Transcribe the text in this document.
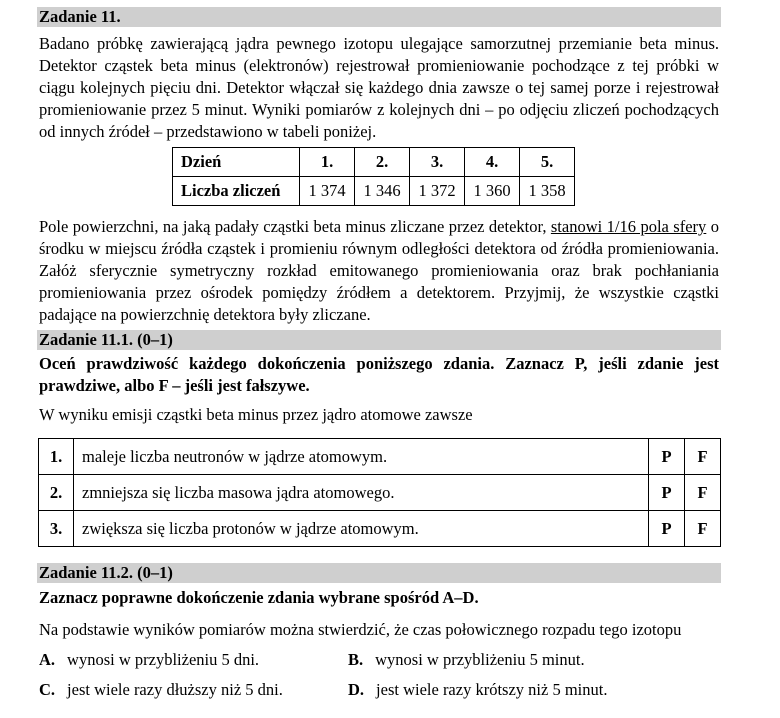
Zadanie 11.
Badano próbkę zawierającą jądra pewnego izotopu ulegające samorzutnej przemianie beta minus. Detektor cząstek beta minus (elektronów) rejestrował promieniowanie pochodzące z tej próbki w ciągu kolejnych pięciu dni. Detektor włączał się każdego dnia zawsze o tej samej porze i rejestrował promieniowanie przez 5 minut. Wyniki pomiarów z kolejnych dni – po odjęciu zliczeń pochodzących od innych źródeł – przedstawiono w tabeli poniżej.
Dzień	1.	2.	3.	4.	5.
Liczba zliczeń	1 374	1 346	1 372	1 360	1 358
Pole powierzchni, na jaką padały cząstki beta minus zliczane przez detektor, stanowi 1/16 pola sfery o środku w miejscu źródła cząstek i promieniu równym odległości detektora od źródła promieniowania. Załóż sferycznie symetryczny rozkład emitowanego promieniowania oraz brak pochłaniania promieniowania przez ośrodek pomiędzy źródłem a detektorem. Przyjmij, że wszystkie cząstki padające na powierzchnię detektora były zliczane.
Zadanie 11.1. (0–1)
Oceń prawdziwość każdego dokończenia poniższego zdania. Zaznacz P, jeśli zdanie jest prawdziwe, albo F – jeśli jest fałszywe.
W wyniku emisji cząstki beta minus przez jądro atomowe zawsze
1.	maleje liczba neutronów w jądrze atomowym.	P	F
2.	zmniejsza się liczba masowa jądra atomowego.	P	F
3.	zwiększa się liczba protonów w jądrze atomowym.	P	F
Zadanie 11.2. (0–1)
Zaznacz poprawne dokończenie zdania wybrane spośród A–D.
Na podstawie wyników pomiarów można stwierdzić, że czas połowicznego rozpadu tego izotopu
A. wynosi w przybliżeniu 5 dni.	B. wynosi w przybliżeniu 5 minut.
C. jest wiele razy dłuższy niż 5 dni.	D. jest wiele razy krótszy niż 5 minut.
